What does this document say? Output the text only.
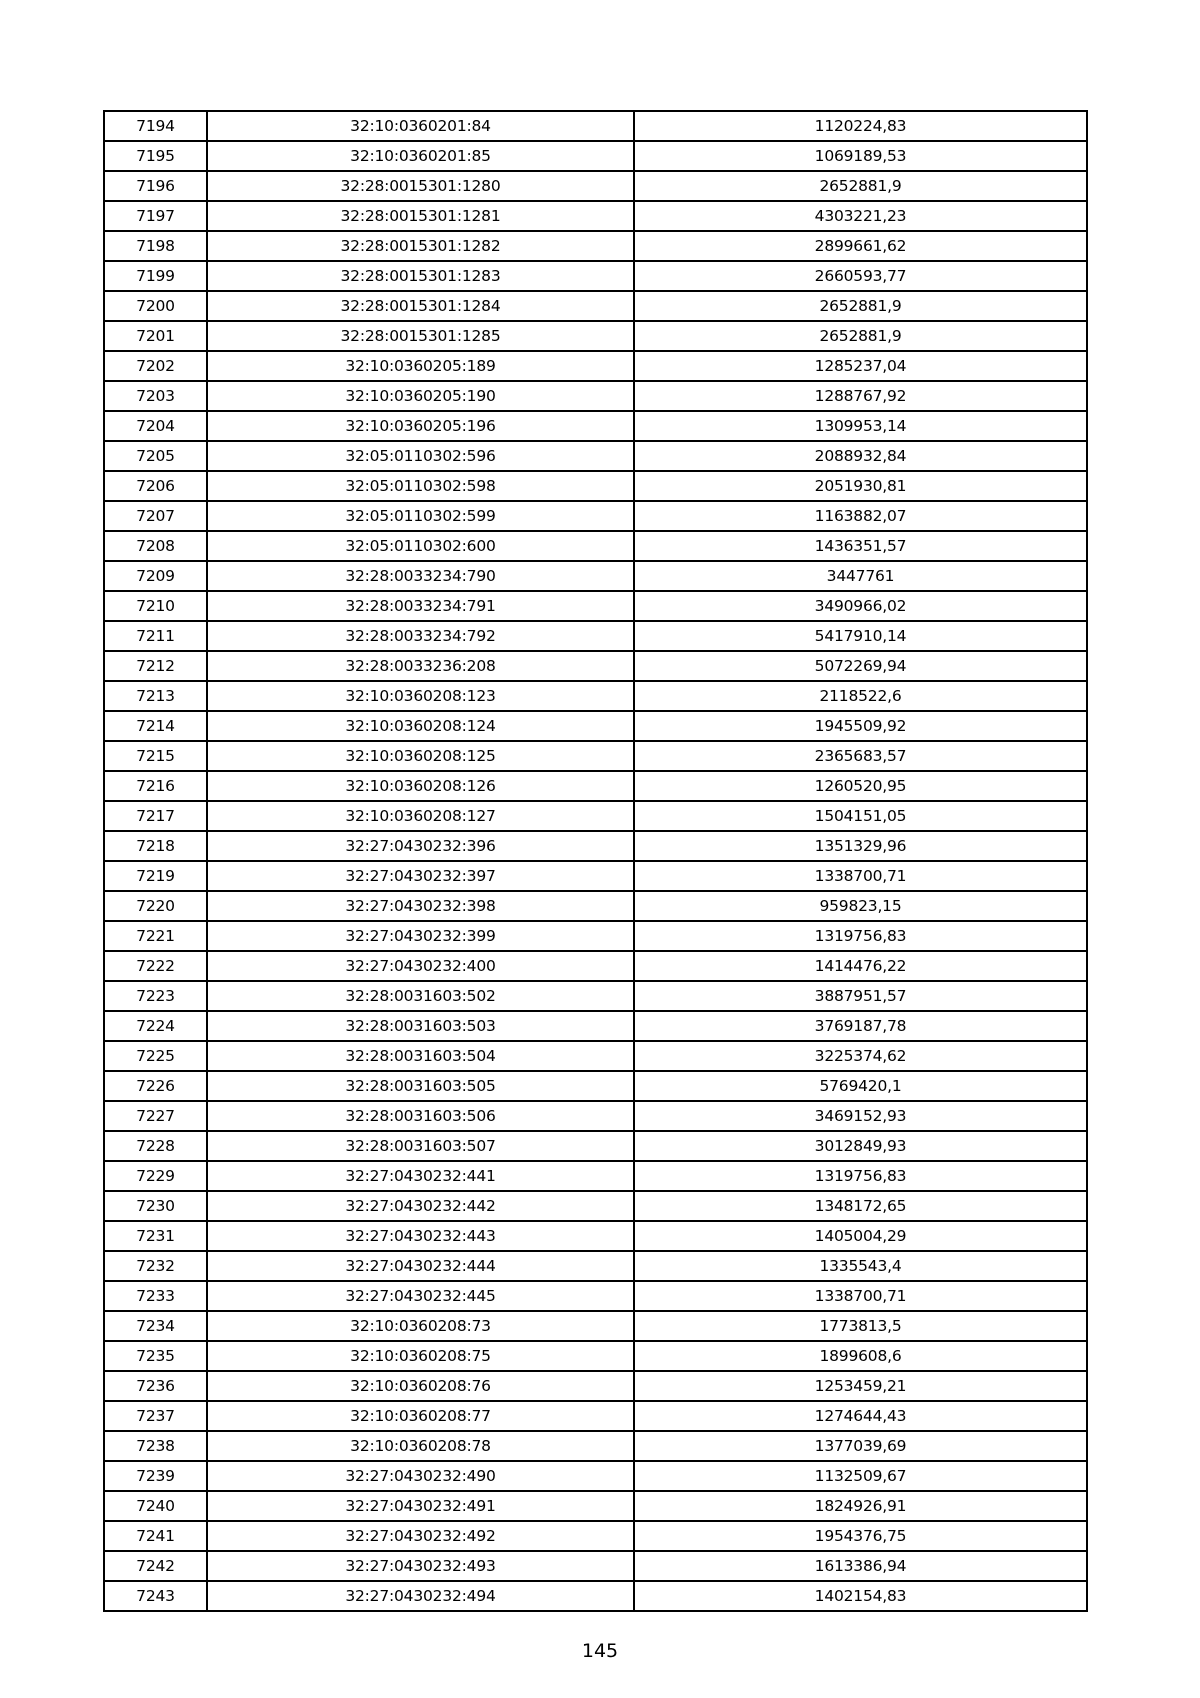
7194	32:10:0360201:84	1120224,83
7195	32:10:0360201:85	1069189,53
7196	32:28:0015301:1280	2652881,9
7197	32:28:0015301:1281	4303221,23
7198	32:28:0015301:1282	2899661,62
7199	32:28:0015301:1283	2660593,77
7200	32:28:0015301:1284	2652881,9
7201	32:28:0015301:1285	2652881,9
7202	32:10:0360205:189	1285237,04
7203	32:10:0360205:190	1288767,92
7204	32:10:0360205:196	1309953,14
7205	32:05:0110302:596	2088932,84
7206	32:05:0110302:598	2051930,81
7207	32:05:0110302:599	1163882,07
7208	32:05:0110302:600	1436351,57
7209	32:28:0033234:790	3447761
7210	32:28:0033234:791	3490966,02
7211	32:28:0033234:792	5417910,14
7212	32:28:0033236:208	5072269,94
7213	32:10:0360208:123	2118522,6
7214	32:10:0360208:124	1945509,92
7215	32:10:0360208:125	2365683,57
7216	32:10:0360208:126	1260520,95
7217	32:10:0360208:127	1504151,05
7218	32:27:0430232:396	1351329,96
7219	32:27:0430232:397	1338700,71
7220	32:27:0430232:398	959823,15
7221	32:27:0430232:399	1319756,83
7222	32:27:0430232:400	1414476,22
7223	32:28:0031603:502	3887951,57
7224	32:28:0031603:503	3769187,78
7225	32:28:0031603:504	3225374,62
7226	32:28:0031603:505	5769420,1
7227	32:28:0031603:506	3469152,93
7228	32:28:0031603:507	3012849,93
7229	32:27:0430232:441	1319756,83
7230	32:27:0430232:442	1348172,65
7231	32:27:0430232:443	1405004,29
7232	32:27:0430232:444	1335543,4
7233	32:27:0430232:445	1338700,71
7234	32:10:0360208:73	1773813,5
7235	32:10:0360208:75	1899608,6
7236	32:10:0360208:76	1253459,21
7237	32:10:0360208:77	1274644,43
7238	32:10:0360208:78	1377039,69
7239	32:27:0430232:490	1132509,67
7240	32:27:0430232:491	1824926,91
7241	32:27:0430232:492	1954376,75
7242	32:27:0430232:493	1613386,94
7243	32:27:0430232:494	1402154,83
145
